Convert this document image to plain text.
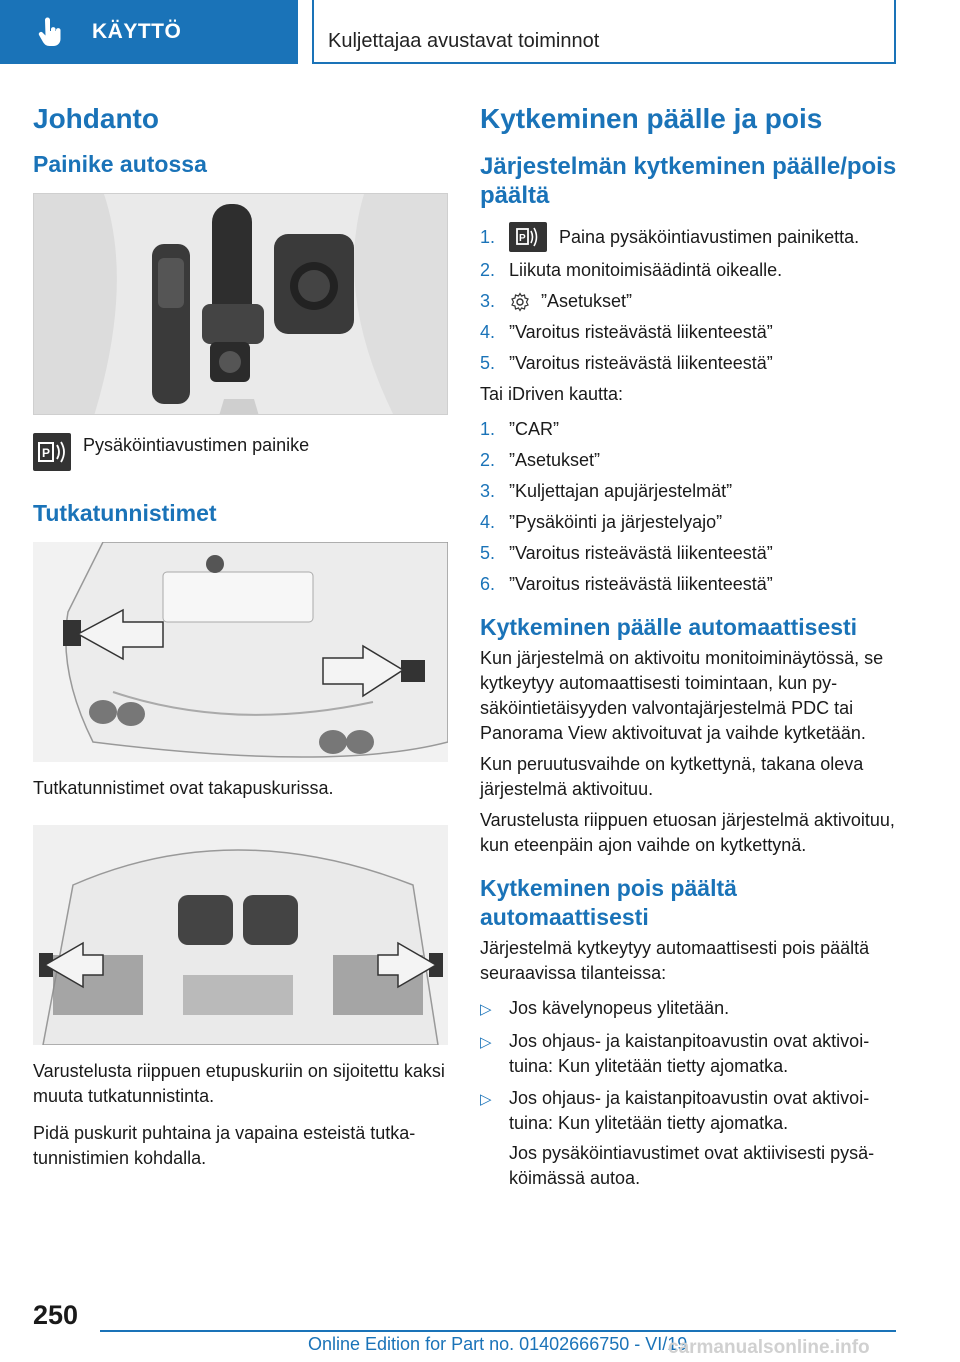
KÄYTTÖ	Kuljettajaa avustavat toiminnot
Johdanto
Painike autossa
P Pysäköintiavustimen painike

Tutkatunnistimet

Tutkatunnistimet ovat takapuskurissa.

Varustelusta riippuen etupuskuriin on sijoitettu kaksi muuta tutkatunnistinta.

Pidä puskurit puhtaina ja vapaina esteistä tutkatunnistimien kohdalla.

Kytkeminen päälle ja pois
Järjestelmän kytkeminen päälle/pois päältä
1.	P Paina pysäköintiavustimen painiketta.
2. Liikuta monitoimisäädintä oikealle.
3.	”Asetukset”
4. ”Varoitus risteävästä liikenteestä”
5. ”Varoitus risteävästä liikenteestä”

Tai iDriven kautta:

1. ”CAR”
2. ”Asetukset”
3. ”Kuljettajan apujärjestelmät”
4. ”Pysäköinti ja järjestelyajo”
5. ”Varoitus risteävästä liikenteestä”
6. ”Varoitus risteävästä liikenteestä”
Kytkeminen päälle automaattisesti

Kun järjestelmä on aktivoitu monitoiminäytössä, se kytkeytyy automaattisesti toimintaan, kun pysäköintietäisyyden valvontajärjestelmä PDC tai Panorama View aktivoituvat ja vaihde kytketään.

Kun peruutusvaihde on kytkettynä, takana oleva järjestelmä aktivoituu.

Varustelusta riippuen etuosan järjestelmä aktivoituu, kun eteenpäin ajon vaihde on kytkettynä.

Kytkeminen pois päältä automaattisesti

Järjestelmä kytkeytyy automaattisesti pois päältä seuraavissa tilanteissa:

▷ Jos kävelynopeus ylitetään.
▷ Jos ohjaus- ja kaistanpitoavustin ovat aktivoituina: Kun ylitetään tietty ajomatka.
▷ Jos ohjaus- ja kaistanpitoavustin ovat aktivoituina: Kun ylitetään tietty ajomatka.

Jos pysäköintiavustimet ovat aktiivisesti pysäköimässä autoa.

250
Online Edition for Part no. 01402666750 - VI/19
carmanualsonline.info
